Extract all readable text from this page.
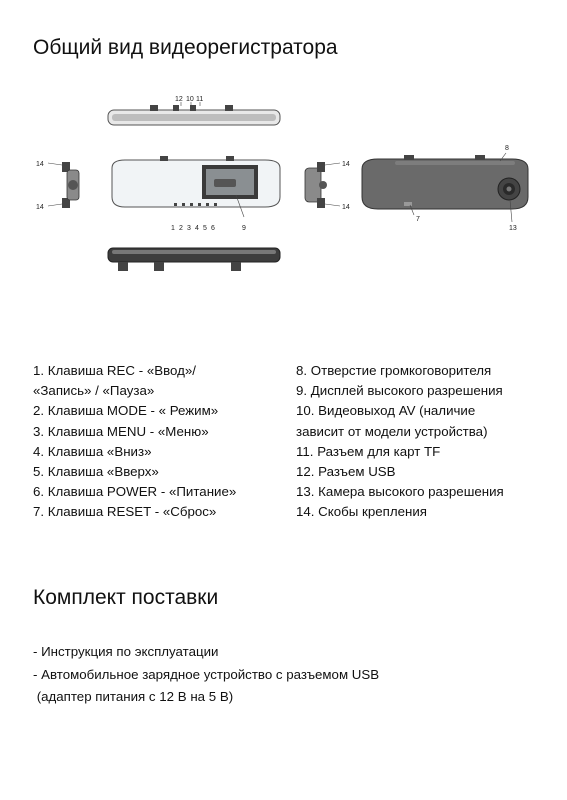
Общий вид видеорегистратора
12 10 11
14
14
1 2 3 4 5 6	9
14
14
8
7
13
1. Клавиша REC - «Ввод»/
«Запись» / «Пауза»
2. Клавиша MODE - « Режим»
3. Клавиша MENU - «Меню»
4. Клавиша «Вниз»
5. Клавиша «Вверх»
6. Клавиша POWER - «Питание»
7. Клавиша RESET - «Сброс»
8. Отверстие громкоговорителя
9. Дисплей высокого разрешения
10. Видеовыход AV (наличие
зависит от модели устройства)
11. Разъем для карт TF
12. Разъем USB
13. Камера высокого разрешения
14. Скобы крепления
Комплект поставки
- Инструкция по эксплуатации
- Автомобильное зарядное устройство с разъемом USB
(адаптер питания с 12 В на 5 В)
